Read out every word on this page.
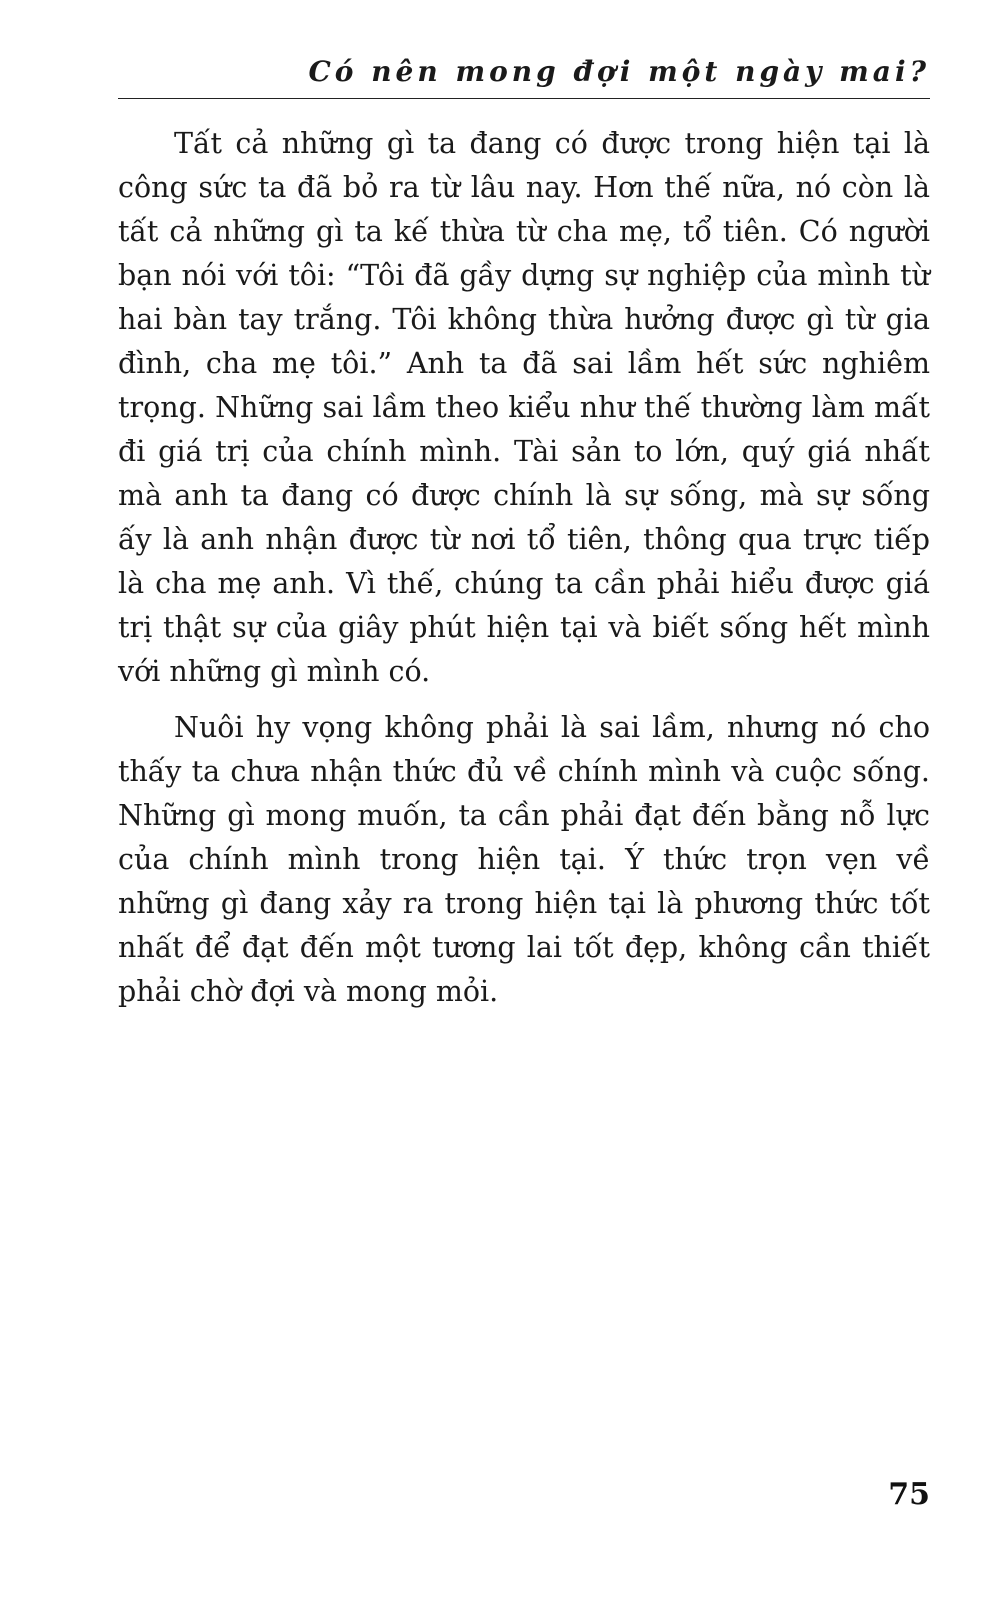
Có nên mong đợi một ngày mai?

Tất cả những gì ta đang có được trong hiện tại là công sức ta đã bỏ ra từ lâu nay. Hơn thế nữa, nó còn là tất cả những gì ta kế thừa từ cha mẹ, tổ tiên. Có người bạn nói với tôi: “Tôi đã gầy dựng sự nghiệp của mình từ hai bàn tay trắng. Tôi không thừa hưởng được gì từ gia đình, cha mẹ tôi.” Anh ta đã sai lầm hết sức nghiêm trọng. Những sai lầm theo kiểu như thế thường làm mất đi giá trị của chính mình. Tài sản to lớn, quý giá nhất mà anh ta đang có được chính là sự sống, mà sự sống ấy là anh nhận được từ nơi tổ tiên, thông qua trực tiếp là cha mẹ anh. Vì thế, chúng ta cần phải hiểu được giá trị thật sự của giây phút hiện tại và biết sống hết mình với những gì mình có.

Nuôi hy vọng không phải là sai lầm, nhưng nó cho thấy ta chưa nhận thức đủ về chính mình và cuộc sống. Những gì mong muốn, ta cần phải đạt đến bằng nỗ lực của chính mình trong hiện tại. Ý thức trọn vẹn về những gì đang xảy ra trong hiện tại là phương thức tốt nhất để đạt đến một tương lai tốt đẹp, không cần thiết phải chờ đợi và mong mỏi.

75
